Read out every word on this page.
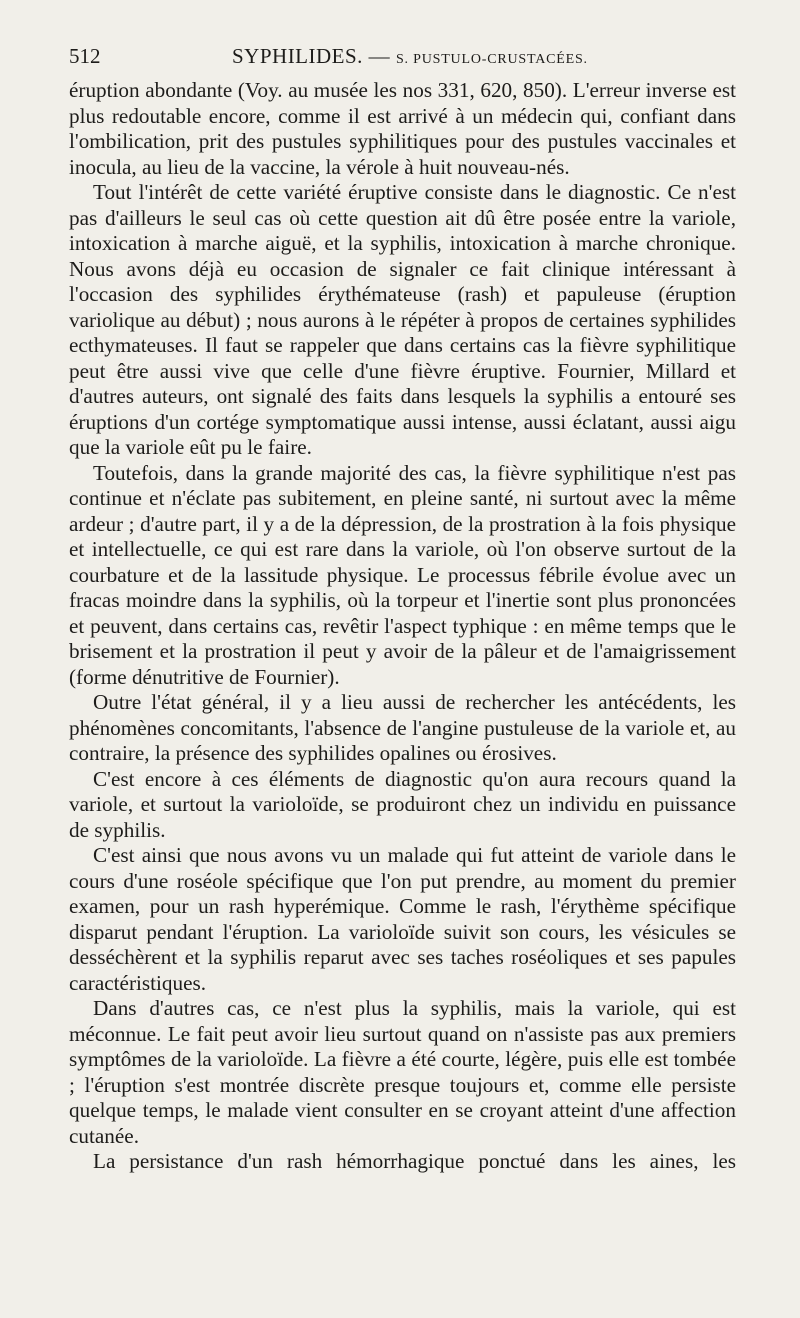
512	SYPHILIDES. — S. PUSTULO-CRUSTACÉES.

éruption abondante (Voy. au musée les nos 331, 620, 850). L'erreur inverse est plus redoutable encore, comme il est arrivé à un médecin qui, confiant dans l'ombilication, prit des pustules syphilitiques pour des pustules vaccinales et inocula, au lieu de la vaccine, la vérole à huit nouveau-nés.

Tout l'intérêt de cette variété éruptive consiste dans le diagnostic. Ce n'est pas d'ailleurs le seul cas où cette question ait dû être posée entre la variole, intoxication à marche aiguë, et la syphilis, intoxication à marche chronique. Nous avons déjà eu occasion de signaler ce fait clinique intéressant à l'occasion des syphilides érythémateuse (rash) et papuleuse (éruption variolique au début) ; nous aurons à le répéter à propos de certaines syphilides ecthymateuses. Il faut se rappeler que dans certains cas la fièvre syphilitique peut être aussi vive que celle d'une fièvre éruptive. Fournier, Millard et d'autres auteurs, ont signalé des faits dans lesquels la syphilis a entouré ses éruptions d'un cortége symptomatique aussi intense, aussi éclatant, aussi aigu que la variole eût pu le faire.

Toutefois, dans la grande majorité des cas, la fièvre syphilitique n'est pas continue et n'éclate pas subitement, en pleine santé, ni surtout avec la même ardeur ; d'autre part, il y a de la dépression, de la prostration à la fois physique et intellectuelle, ce qui est rare dans la variole, où l'on observe surtout de la courbature et de la lassitude physique. Le processus fébrile évolue avec un fracas moindre dans la syphilis, où la torpeur et l'inertie sont plus prononcées et peuvent, dans certains cas, revêtir l'aspect typhique : en même temps que le brisement et la prostration il peut y avoir de la pâleur et de l'amaigrissement (forme dénutritive de Fournier).

Outre l'état général, il y a lieu aussi de rechercher les antécédents, les phénomènes concomitants, l'absence de l'angine pustuleuse de la variole et, au contraire, la présence des syphilides opalines ou érosives.

C'est encore à ces éléments de diagnostic qu'on aura recours quand la variole, et surtout la varioloïde, se produiront chez un individu en puissance de syphilis.

C'est ainsi que nous avons vu un malade qui fut atteint de variole dans le cours d'une roséole spécifique que l'on put prendre, au moment du premier examen, pour un rash hyperémique. Comme le rash, l'érythème spécifique disparut pendant l'éruption. La varioloïde suivit son cours, les vésicules se desséchèrent et la syphilis reparut avec ses taches roséoliques et ses papules caractéristiques.

Dans d'autres cas, ce n'est plus la syphilis, mais la variole, qui est méconnue. Le fait peut avoir lieu surtout quand on n'assiste pas aux premiers symptômes de la varioloïde. La fièvre a été courte, légère, puis elle est tombée ; l'éruption s'est montrée discrète presque toujours et, comme elle persiste quelque temps, le malade vient consulter en se croyant atteint d'une affection cutanée.

La persistance d'un rash hémorrhagique ponctué dans les aines, les
